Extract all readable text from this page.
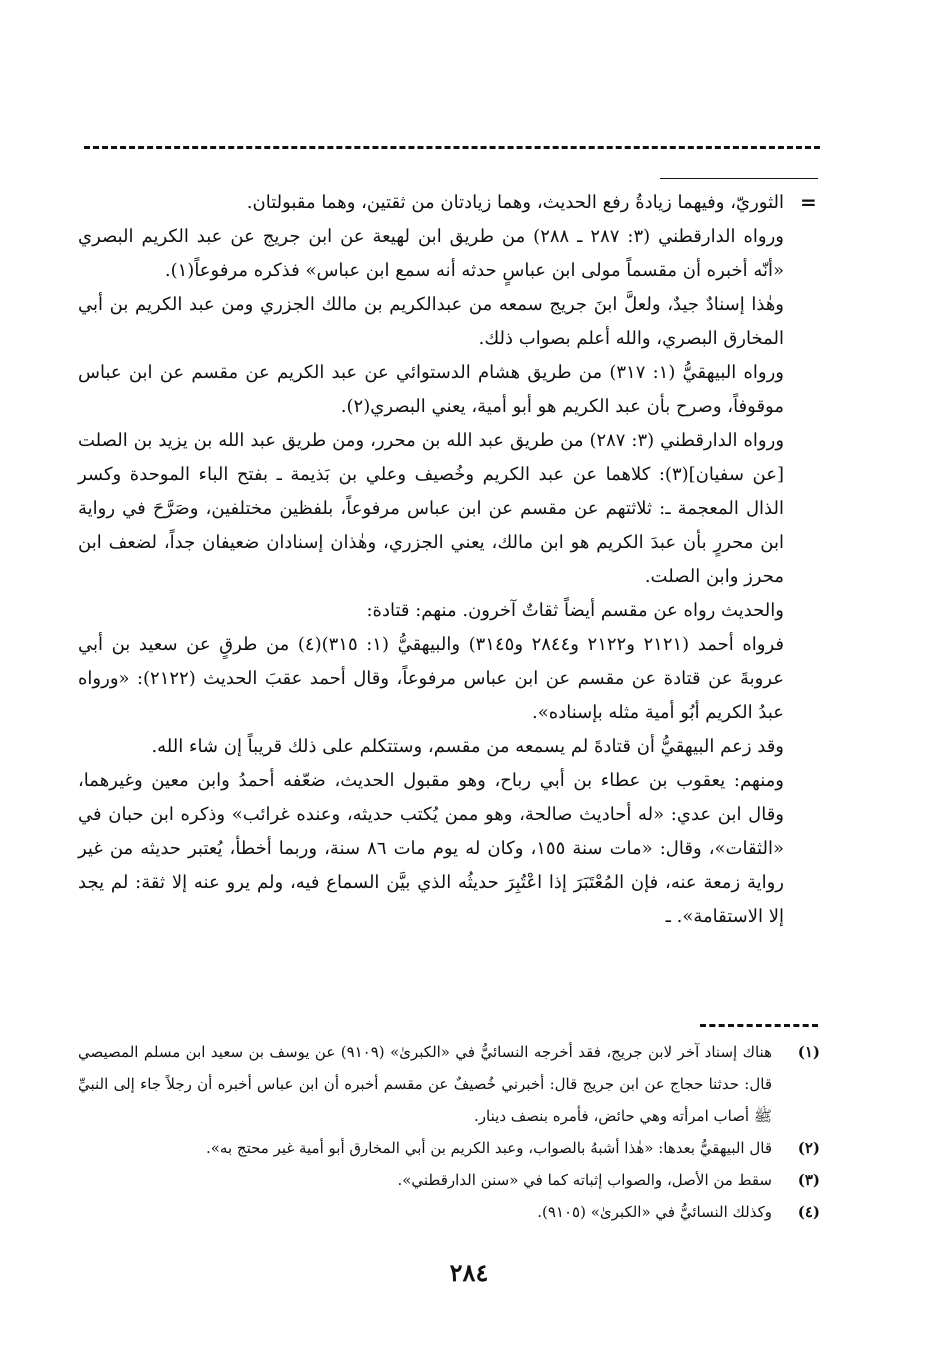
=

الثوريّ، وفيهما زيادةُ رفع الحديث، وهما زيادتان من ثقتين، وهما مقبولتان.

ورواه الدارقطني (٣: ٢٨٧ ـ ٢٨٨) من طريق ابن لهيعة عن ابن جريج عن عبد الكريم البصري «أنّه أخبره أن مقسماً مولى ابن عباسٍ حدثه أنه سمع ابن عباس» فذكره مرفوعاً(١).

وهٰذا إسنادٌ جيدٌ، ولعلَّ ابنَ جريج سمعه من عبدالكريم بن مالك الجزري ومن عبد الكريم بن أبي المخارق البصري، والله أعلم بصواب ذلك.

ورواه البيهقيُّ (١: ٣١٧) من طريق هشام الدستوائي عن عبد الكريم عن مقسم عن ابن عباس موقوفاً، وصرح بأن عبد الكريم هو أبو أمية، يعني البصري(٢).

ورواه الدارقطني (٣: ٢٨٧) من طريق عبد الله بن محرر، ومن طريق عبد الله بن يزيد بن الصلت [عن سفيان](٣): كلاهما عن عبد الكريم وخُصيف وعلي بن بَذيمة ـ بفتح الباء الموحدة وكسر الذال المعجمة ـ: ثلاثتهم عن مقسم عن ابن عباس مرفوعاً، بلفظين مختلفين، وصَرَّحَ في رواية ابن محررٍ بأن عبدَ الكريم هو ابن مالك، يعني الجزري، وهٰذان إسنادان ضعيفان جداً، لضعف ابن محرز وابن الصلت.

والحديث رواه عن مقسم أيضاً ثقاتٌ آخرون. منهم: قتادة:

فرواه أحمد (٢١٢١ و٢١٢٢ و٢٨٤٤ و٣١٤٥) والبيهقيُّ (١: ٣١٥)(٤) من طرقٍ عن سعيد بن أبي عروبةَ عن قتادة عن مقسم عن ابن عباس مرفوعاً، وقال أحمد عقبَ الحديث (٢١٢٢): «ورواه عبدُ الكريم أبُو أمية مثله بإسناده».

وقد زعم البيهقيُّ أن قتادةَ لم يسمعه من مقسم، وستتكلم على ذلك قريباً إن شاء الله.

ومنهم: يعقوب بن عطاء بن أبي رباح، وهو مقبول الحديث، ضعّفه أحمدُ وابن معين وغيرهما، وقال ابن عدي: «له أحاديث صالحة، وهو ممن يُكتب حديثه، وعنده غرائب» وذكره ابن حبان في «الثقات»، وقال: «مات سنة ١٥٥، وكان له يوم مات ٨٦ سنة، وربما أخطأ، يُعتبر حديثه من غير رواية زمعة عنه، فإن المُعْتَبَرَ إذا اعْتُبِرَ حديثُه الذي بيَّن السماع فيه، ولم يرو عنه إلا ثقة: لم يجد إلا الاستقامة». ـ

(١)
هناك إسناد آخر لابن جريج، فقد أخرجه النسائيُّ في «الكبرىٰ» (٩١٠٩) عن يوسف بن سعيد ابن مسلم المصيصي قال: حدثنا حجاج عن ابن جريج قال: أخبرني خُصيفٌ عن مقسم أخبره أن ابن عباس أخبره أن رجلاً جاء إلى النبيِّ ﷺ أصاب امرأته وهي حائض، فأمره بنصف دينار.
(٢)
قال البيهقيُّ بعدها: «هٰذا أشبهُ بالصواب، وعبد الكريم بن أبي المخارق أبو أمية غير محتج به».
(٣)
سقط من الأصل، والصواب إثباته كما في «سنن الدارقطني».
(٤)
وكذلك النسائيُّ في «الكبرىٰ» (٩١٠٥).
٢٨٤
